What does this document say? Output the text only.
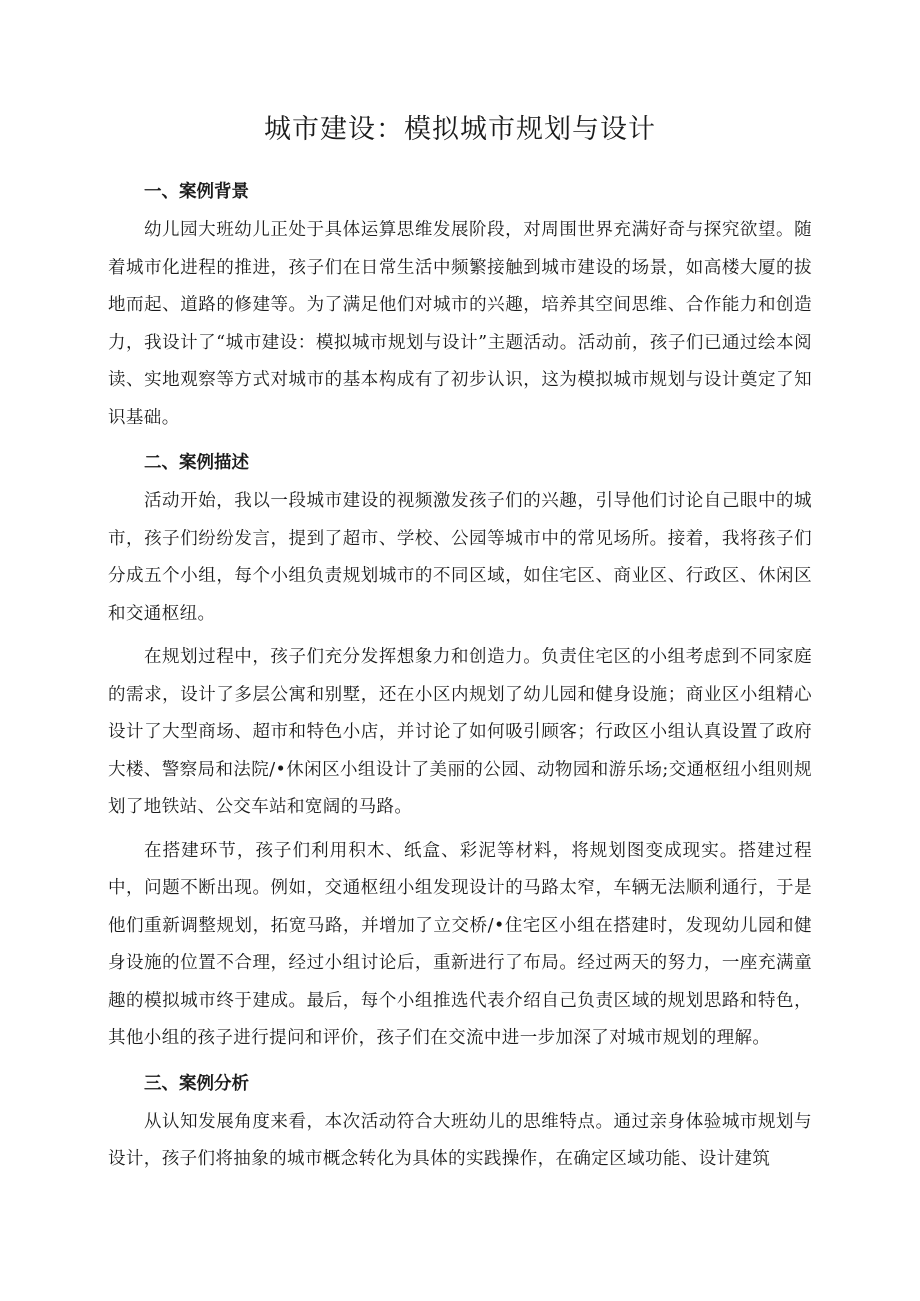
城市建设：模拟城市规划与设计

一、案例背景

幼儿园大班幼儿正处于具体运算思维发展阶段，对周围世界充满好奇与探究欲望。随着城市化进程的推进，孩子们在日常生活中频繁接触到城市建设的场景，如高楼大厦的拔地而起、道路的修建等。为了满足他们对城市的兴趣，培养其空间思维、合作能力和创造力，我设计了“城市建设：模拟城市规划与设计”主题活动。活动前，孩子们已通过绘本阅读、实地观察等方式对城市的基本构成有了初步认识，这为模拟城市规划与设计奠定了知识基础。

二、案例描述

活动开始，我以一段城市建设的视频激发孩子们的兴趣，引导他们讨论自己眼中的城市，孩子们纷纷发言，提到了超市、学校、公园等城市中的常见场所。接着，我将孩子们分成五个小组，每个小组负责规划城市的不同区域，如住宅区、商业区、行政区、休闲区和交通枢纽。

在规划过程中，孩子们充分发挥想象力和创造力。负责住宅区的小组考虑到不同家庭的需求，设计了多层公寓和别墅，还在小区内规划了幼儿园和健身设施；商业区小组精心设计了大型商场、超市和特色小店，并讨论了如何吸引顾客；行政区小组认真设置了政府大楼、警察局和法院/•休闲区小组设计了美丽的公园、动物园和游乐场;交通枢纽小组则规划了地铁站、公交车站和宽阔的马路。

在搭建环节，孩子们利用积木、纸盒、彩泥等材料，将规划图变成现实。搭建过程中，问题不断出现。例如，交通枢纽小组发现设计的马路太窄，车辆无法顺利通行，于是他们重新调整规划，拓宽马路，并增加了立交桥/•住宅区小组在搭建时，发现幼儿园和健身设施的位置不合理，经过小组讨论后，重新进行了布局。经过两天的努力，一座充满童趣的模拟城市终于建成。最后，每个小组推选代表介绍自己负责区域的规划思路和特色，其他小组的孩子进行提问和评价，孩子们在交流中进一步加深了对城市规划的理解。

三、案例分析

从认知发展角度来看，本次活动符合大班幼儿的思维特点。通过亲身体验城市规划与设计，孩子们将抽象的城市概念转化为具体的实践操作，在确定区域功能、设计建筑
